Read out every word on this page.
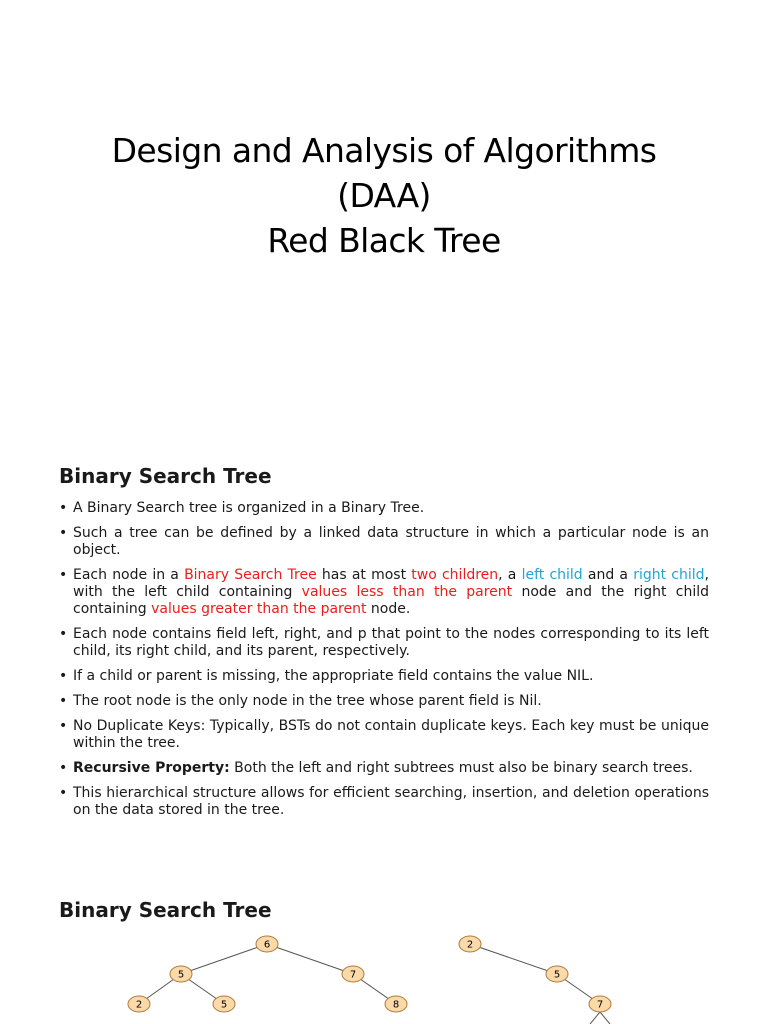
Design and Analysis of Algorithms
(DAA)
Red Black Tree
Binary Search Tree
• A Binary Search tree is organized in a Binary Tree.
• Such a tree can be defined by a linked data structure in which a particular node is an object.
• Each node in a Binary Search Tree has at most two children, a left child and a right child, with the left child containing values less than the parent node and the right child containing values greater than the parent node.
• Each node contains field left, right, and p that point to the nodes corresponding to its left child, its right child, and its parent, respectively.
• If a child or parent is missing, the appropriate field contains the value NIL.
• The root node is the only node in the tree whose parent field is Nil.
• No Duplicate Keys: Typically, BSTs do not contain duplicate keys. Each key must be unique within the tree.
• Recursive Property: Both the left and right subtrees must also be binary search trees.
• This hierarchical structure allows for efficient searching, insertion, and deletion operations on the data stored in the tree.
Binary Search Tree
6
5	7
2	5	8
2
5
7
